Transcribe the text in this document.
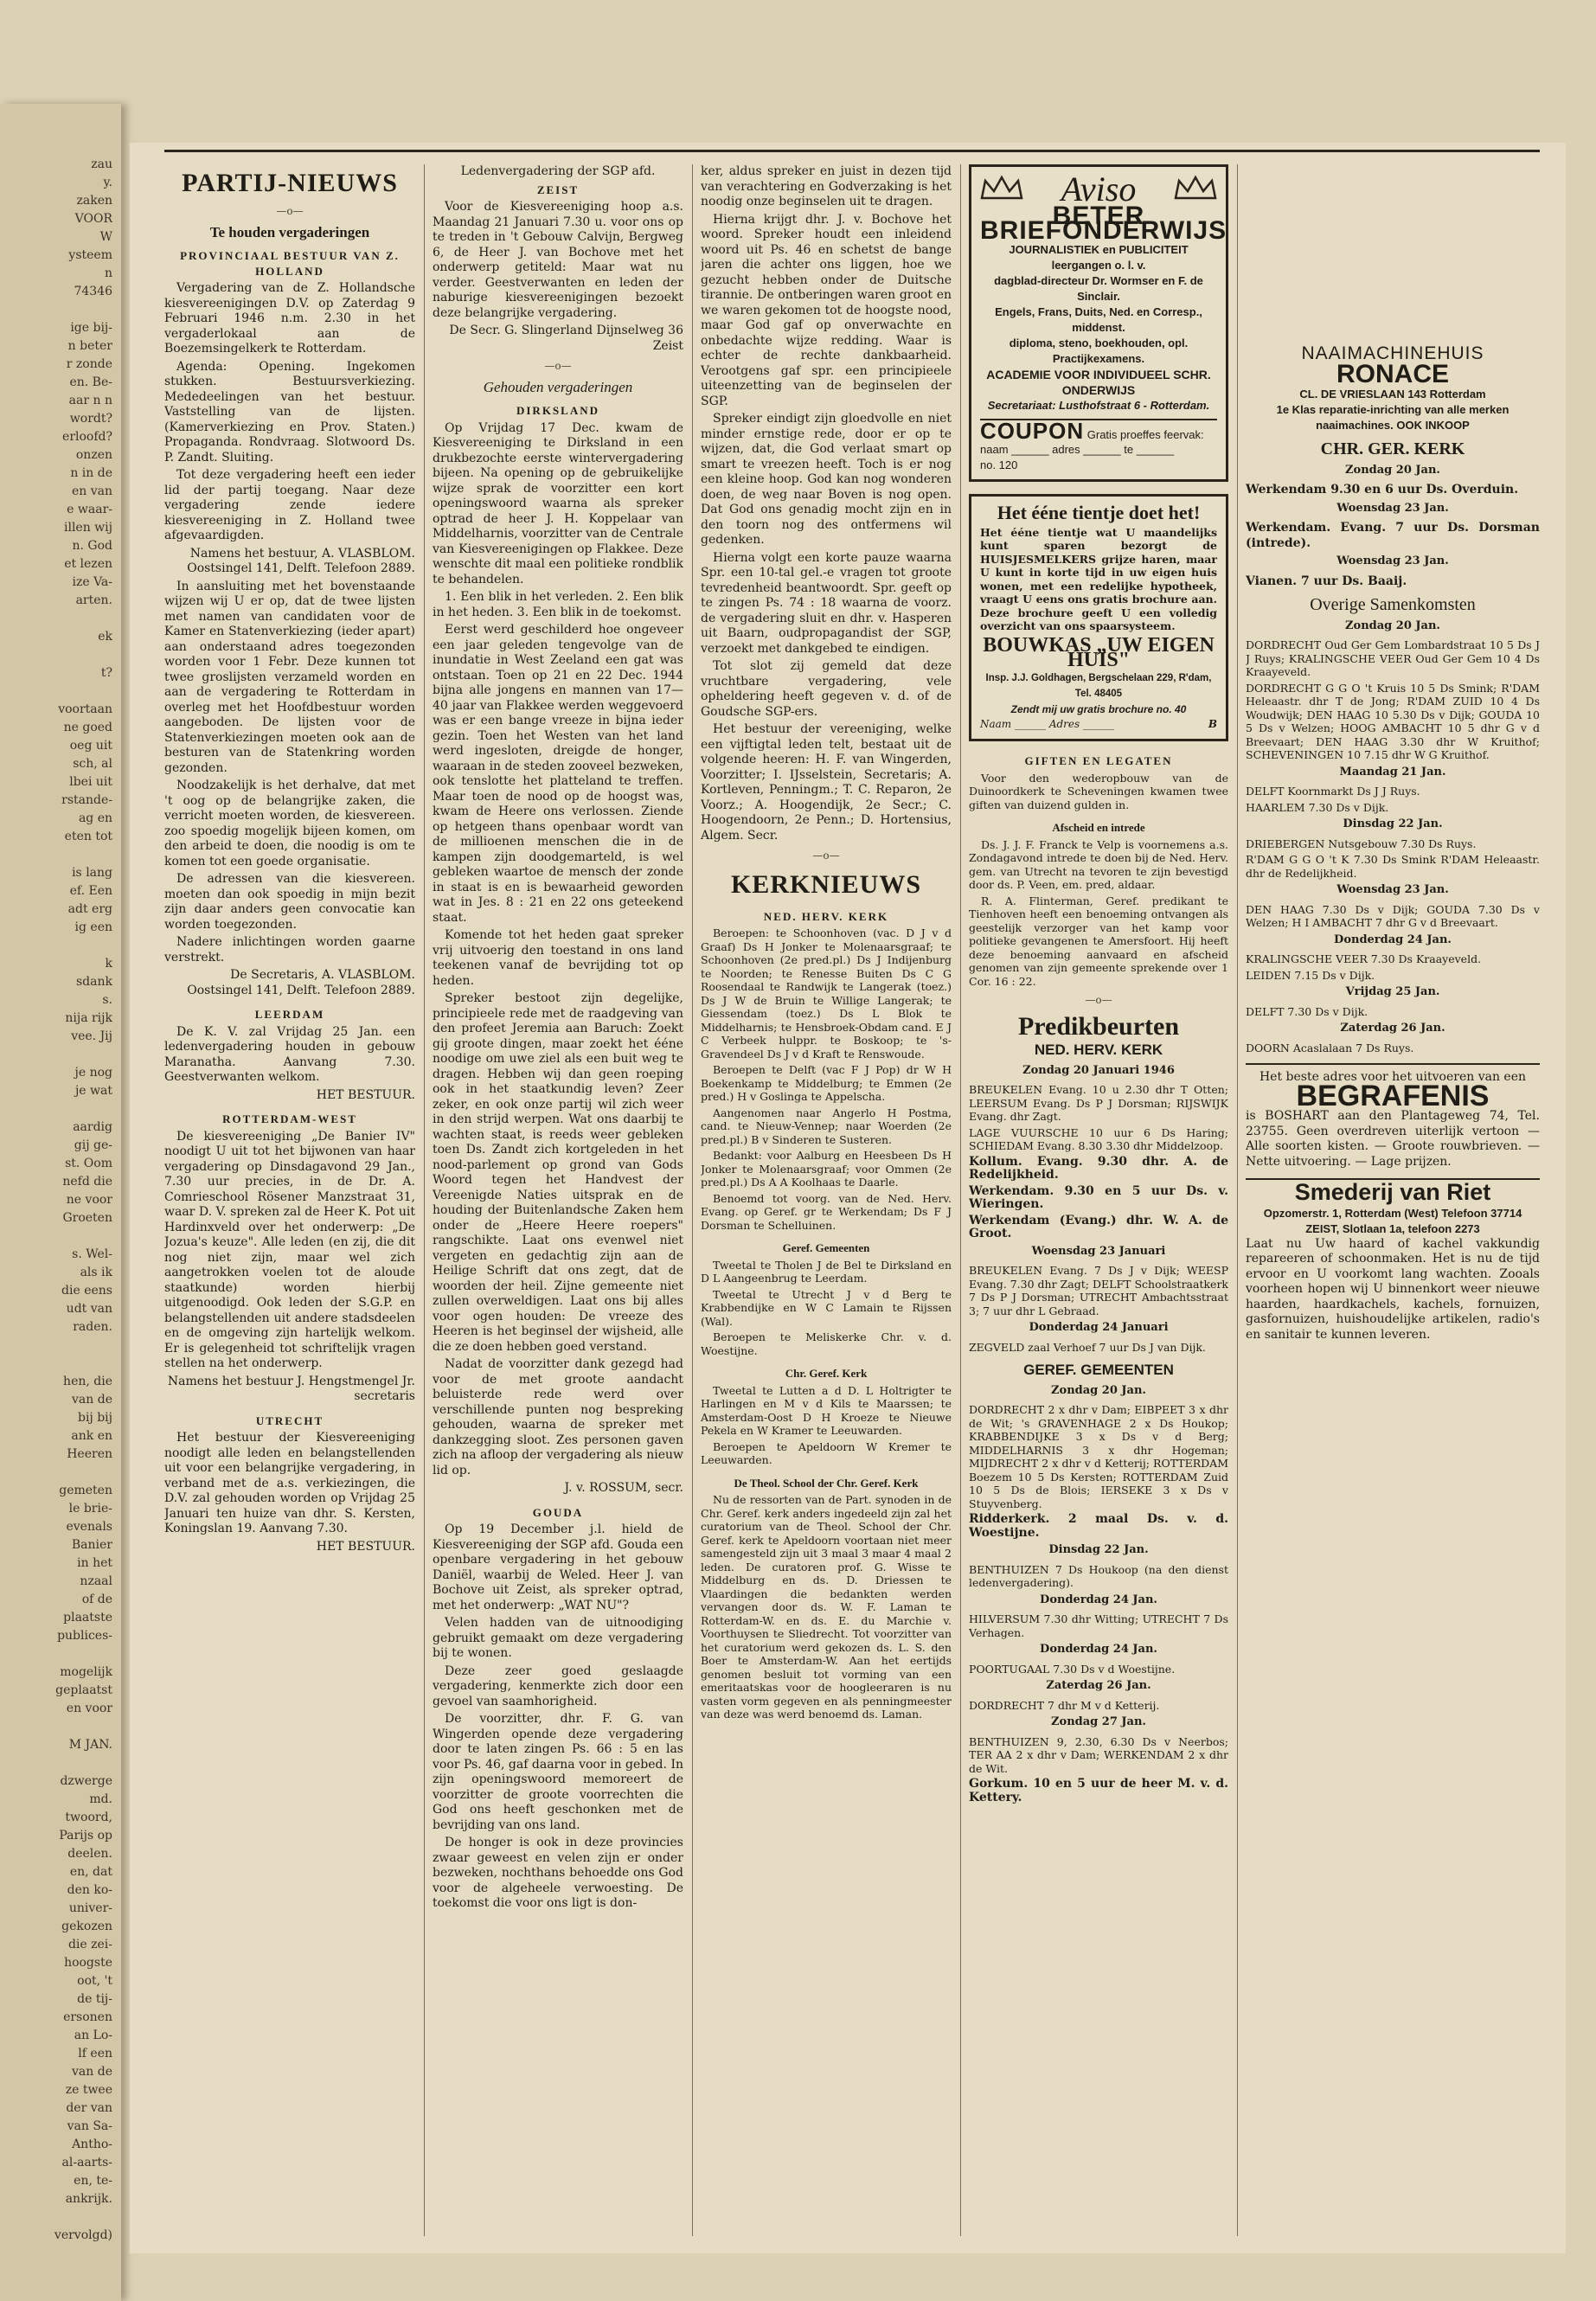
zau
y.
zaken
VOOR
W
ysteem
n
74346

ige bij-
n beter
r zonde
en. Be-
aar n n
wordt?
erloofd?
onzen
n in de
en van
e waar-
illen wij
n. God
et lezen
ize Va-
arten.

ek

t?

voortaan
ne goed
oeg uit
sch, al
lbei uit
rstande-
ag en
eten tot

is lang
ef. Een
adt erg
ig een

k
sdank
s.
nija rijk
vee. Jij

je nog
je wat

aardig
gij ge-
st. Oom
nefd die
ne voor
Groeten

s. Wel-
als ik
die eens
udt van
raden.

hen, die
van de
bij bij
ank en
Heeren

gemeten
le brie-
evenals
Banier
in het
nzaal
of de
plaatste
publices-

mogelijk
geplaatst
en voor

M JAN.

dzwerge
md.
twoord,
Parijs op
deelen.
en, dat
den ko-
univer-
gekozen
die zei-
hoogste
oot, 't
de tij-
ersonen
an Lo-
lf een
van de
ze twee
der van
van Sa-
Antho-
al-aarts-
en, te-
ankrijk.

vervolgd)
PARTIJ-NIEUWS
—o—
Te houden vergaderingen
PROVINCIAAL BESTUUR VAN Z. HOLLAND

Vergadering van de Z. Hollandsche kiesvereenigingen D.V. op Zaterdag 9 Februari 1946 n.m. 2.30 in het vergaderlokaal aan de Boezemsingelkerk te Rotterdam.

Agenda: Opening. Ingekomen stukken. Bestuursverkiezing. Mededeelingen van het bestuur. Vaststelling van de lijsten. (Kamerverkiezing en Prov. Staten.) Propaganda. Rondvraag. Slotwoord Ds. P. Zandt. Sluiting.

Tot deze vergadering heeft een ieder lid der partij toegang. Naar deze vergadering zende iedere kiesvereeniging in Z. Holland twee afgevaardigden.

Namens het bestuur, A. VLASBLOM. Oostsingel 141, Delft. Telefoon 2889.

In aansluiting met het bovenstaande wijzen wij U er op, dat de twee lijsten met namen van candidaten voor de Kamer en Statenverkiezing (ieder apart) aan onderstaand adres toegezonden worden voor 1 Febr. Deze kunnen tot twee groslijsten verzameld worden en aan de vergadering te Rotterdam in overleg met het Hoofdbestuur worden aangeboden. De lijsten voor de Statenverkiezingen moeten ook aan de besturen van de Statenkring worden gezonden.

Noodzakelijk is het derhalve, dat met 't oog op de belangrijke zaken, die verricht moeten worden, de kiesvereen. zoo spoedig mogelijk bijeen komen, om den arbeid te doen, die noodig is om te komen tot een goede organisatie.

De adressen van die kiesvereen. moeten dan ook spoedig in mijn bezit zijn daar anders geen convocatie kan worden toegezonden.

Nadere inlichtingen worden gaarne verstrekt.

De Secretaris, A. VLASBLOM. Oostsingel 141, Delft. Telefoon 2889.

LEERDAM

De K. V. zal Vrijdag 25 Jan. een ledenvergadering houden in gebouw Maranatha. Aanvang 7.30. Geestverwanten welkom.

HET BESTUUR.

ROTTERDAM-WEST

De kiesvereeniging „De Banier IV" noodigt U uit tot het bijwonen van haar vergadering op Dinsdagavond 29 Jan., 7.30 uur precies, in de Dr. A. Comrieschool Rösener Manzstraat 31, waar D. V. spreken zal de Heer K. Pot uit Hardinxveld over het onderwerp: „De Jozua's keuze". Alle leden (en zij, die dit nog niet zijn, maar wel zich aangetrokken voelen tot de aloude staatkunde) worden hierbij uitgenoodigd. Ook leden der S.G.P. en belangstellenden uit andere stadsdeelen en de omgeving zijn hartelijk welkom. Er is gelegenheid tot schriftelijk vragen stellen na het onderwerp.

Namens het bestuur J. Hengstmengel Jr. secretaris

UTRECHT

Het bestuur der Kiesvereeniging noodigt alle leden en belangstellenden uit voor een belangrijke vergadering, in verband met de a.s. verkiezingen, die D.V. zal gehouden worden op Vrijdag 25 Januari ten huize van dhr. S. Kersten, Koningslan 19. Aanvang 7.30.

HET BESTUUR.

Ledenvergadering der SGP afd.

ZEIST

Voor de Kiesvereeniging hoop a.s. Maandag 21 Januari 7.30 u. voor ons op te treden in 't Gebouw Calvijn, Bergweg 6, de Heer J. van Bochove met het onderwerp getiteld: Maar wat nu verder. Geestverwanten en leden der naburige kiesvereenigingen bezoekt deze belangrijke vergadering.

De Secr. G. Slingerland Dijnselweg 36 Zeist

—o—
Gehouden vergaderingen
DIRKSLAND

Op Vrijdag 17 Dec. kwam de Kiesvereeniging te Dirksland in een drukbezochte eerste wintervergadering bijeen. Na opening op de gebruikelijke wijze sprak de voorzitter een kort openingswoord waarna als spreker optrad de heer J. H. Koppelaar van Middelharnis, voorzitter van de Centrale van Kiesvereenigingen op Flakkee. Deze wenschte dit maal een politieke rondblik te behandelen.

1. Een blik in het verleden. 2. Een blik in het heden. 3. Een blik in de toekomst.

Eerst werd geschilderd hoe ongeveer een jaar geleden tengevolge van de inundatie in West Zeeland een gat was ontstaan. Toen op 21 en 22 Dec. 1944 bijna alle jongens en mannen van 17—40 jaar van Flakkee werden weggevoerd was er een bange vreeze in bijna ieder gezin. Toen het Westen van het land werd ingesloten, dreigde de honger, waaraan in de steden zooveel bezweken, ook tenslotte het platteland te treffen. Maar toen de nood op de hoogst was, kwam de Heere ons verlossen. Ziende op hetgeen thans openbaar wordt van de millioenen menschen die in de kampen zijn doodgemarteld, is wel gebleken waartoe de mensch der zonde in staat is en is bewaarheid geworden wat in Jes. 8 : 21 en 22 ons geteekend staat.

Komende tot het heden gaat spreker vrij uitvoerig den toestand in ons land teekenen vanaf de bevrijding tot op heden.

Spreker bestoot zijn degelijke, principieele rede met de raadgeving van den profeet Jeremia aan Baruch: Zoekt gij groote dingen, maar zoekt het ééne noodige om uwe ziel als een buit weg te dragen. Hebben wij dan geen roeping ook in het staatkundig leven? Zeer zeker, en ook onze partij wil zich weer in den strijd werpen. Wat ons daarbij te wachten staat, is reeds weer gebleken toen Ds. Zandt zich kortgeleden in het nood-parlement op grond van Gods Woord tegen het Handvest der Vereenigde Naties uitsprak en de houding der Buitenlandsche Zaken hem onder de „Heere Heere roepers" rangschikte. Laat ons evenwel niet vergeten en gedachtig zijn aan de Heilige Schrift dat ons zegt, dat de woorden der heil. Zijne gemeente niet zullen overweldigen. Laat ons bij alles voor ogen houden: De vreeze des Heeren is het beginsel der wijsheid, alle die ze doen hebben goed verstand.

Nadat de voorzitter dank gezegd had voor de met groote aandacht beluisterde rede werd over verschillende punten nog bespreking gehouden, waarna de spreker met dankzegging sloot. Zes personen gaven zich na afloop der vergadering als nieuw lid op.

J. v. ROSSUM, secr.

GOUDA

Op 19 December j.l. hield de Kiesvereeniging der SGP afd. Gouda een openbare vergadering in het gebouw Daniël, waarbij de Weled. Heer J. van Bochove uit Zeist, als spreker optrad, met het onderwerp: „WAT NU"?

Velen hadden van de uitnoodiging gebruikt gemaakt om deze vergadering bij te wonen.

Deze zeer goed geslaagde vergadering, kenmerkte zich door een gevoel van saamhorigheid.

De voorzitter, dhr. F. G. van Wingerden opende deze vergadering door te laten zingen Ps. 66 : 5 en las voor Ps. 46, gaf daarna voor in gebed. In zijn openingswoord memoreert de voorzitter de groote voorrechten die God ons heeft geschonken met de bevrijding van ons land.

De honger is ook in deze provincies zwaar geweest en velen zijn er onder bezweken, nochthans behoedde ons God voor de algeheele verwoesting. De toekomst die voor ons ligt is don-

ker, aldus spreker en juist in dezen tijd van verachtering en Godverzaking is het noodig onze beginselen uit te dragen.

Hierna krijgt dhr. J. v. Bochove het woord. Spreker houdt een inleidend woord uit Ps. 46 en schetst de bange jaren die achter ons liggen, hoe we gezucht hebben onder de Duitsche tirannie. De ontberingen waren groot en we waren gekomen tot de hoogste nood, maar God gaf op onverwachte en onbedachte wijze redding. Waar is echter de rechte dankbaarheid. Verootgens gaf spr. een principieele uiteenzetting van de beginselen der SGP.

Spreker eindigt zijn gloedvolle en niet minder ernstige rede, door er op te wijzen, dat, die God verlaat smart op smart te vreezen heeft. Toch is er nog een kleine hoop. God kan nog wonderen doen, de weg naar Boven is nog open. Dat God ons genadig mocht zijn en in den toorn nog des ontfermens wil gedenken.

Hierna volgt een korte pauze waarna Spr. een 10-tal gel.-e vragen tot groote tevredenheid beantwoordt. Spr. geeft op te zingen Ps. 74 : 18 waarna de voorz. de vergadering sluit en dhr. v. Hasperen uit Baarn, oudpropagandist der SGP, verzoekt met dankgebed te eindigen.

Tot slot zij gemeld dat deze vruchtbare vergadering, vele opheldering heeft gegeven v. d. of de Goudsche SGP-ers.

Het bestuur der vereeniging, welke een vijftigtal leden telt, bestaat uit de volgende heeren: H. F. van Wingerden, Voorzitter; I. IJsselstein, Secretaris; A. Kortleven, Penningm.; T. C. Reparon, 2e Voorz.; A. Hoogendijk, 2e Secr.; C. Hoogendoorn, 2e Penn.; D. Hortensius, Algem. Secr.

—o—
KERKNIEUWS
NED. HERV. KERK

Beroepen: te Schoonhoven (vac. D J v d Graaf) Ds H Jonker te Molenaarsgraaf; te Schoonhoven (2e pred.pl.) Ds J Indijenburg te Noorden; te Renesse Buiten Ds C G Roosendaal te Randwijk te Langerak (toez.) Ds J W de Bruin te Willige Langerak; te Giessendam (toez.) Ds L Blok te Middelharnis; te Hensbroek-Obdam cand. E J C Verbeek hulppr. te Boskoop; te 's-Gravendeel Ds J v d Kraft te Renswoude.

Beroepen te Delft (vac F J Pop) dr W H Boekenkamp te Middelburg; te Emmen (2e pred.) H v Goslinga te Appelscha.

Aangenomen naar Angerlo H Postma, cand. te Nieuw-Vennep; naar Woerden (2e pred.pl.) B v Sinderen te Susteren.

Bedankt: voor Aalburg en Heesbeen Ds H Jonker te Molenaarsgraaf; voor Ommen (2e pred.pl.) Ds A A Koolhaas te Daarle.

Benoemd tot voorg. van de Ned. Herv. Evang. op Geref. gr te Werkendam; Ds F J Dorsman te Schelluinen.

Geref. Gemeenten

Tweetal te Tholen J de Bel te Dirksland en D L Aangeenbrug te Leerdam.

Tweetal te Utrecht J v d Berg te Krabbendijke en W C Lamain te Rijssen (Wal).

Beroepen te Meliskerke Chr. v. d. Woestijne.

Chr. Geref. Kerk

Tweetal te Lutten a d D. L Holtrigter te Harlingen en M v d Kils te Maarssen; te Amsterdam-Oost D H Kroeze te Nieuwe Pekela en W Kramer te Leeuwarden.

Beroepen te Apeldoorn W Kremer te Leeuwarden.

De Theol. School der Chr. Geref. Kerk

Nu de ressorten van de Part. synoden in de Chr. Geref. kerk anders ingedeeld zijn zal het curatorium van de Theol. School der Chr. Geref. kerk te Apeldoorn voortaan niet meer samengesteld zijn uit 3 maal 3 maar 4 maal 2 leden. De curatoren prof. G. Wisse te Middelburg en ds. D. Driessen te Vlaardingen die bedankten werden vervangen door ds. W. F. Laman te Rotterdam-W. en ds. E. du Marchie v. Voorthuysen te Sliedrecht. Tot voorzitter van het curatorium werd gekozen ds. L. S. den Boer te Amsterdam-W. Aan het eertijds genomen besluit tot vorming van een emeritaatskas voor de hoogleeraren is nu vasten vorm gegeven en als penningmeester van deze was werd benoemd ds. Laman.

Aviso

BETER BRIEFONDERWIJS
JOURNALISTIEK en PUBLICITEIT leergangen o. l. v.
dagblad-directeur Dr. Wormser en F. de Sinclair.
Engels, Frans, Duits, Ned. en Corresp., middenst.
diploma, steno, boekhouden, opl. Practijkexamens.
ACADEMIE VOOR INDIVIDUEEL SCHR. ONDERWIJS
Secretariaat: Lusthofstraat 6 - Rotterdam.
COUPON Gratis proeffes feervak:
naam ______ adres ______ te ______
no. 120
Het ééne tientje doet het!

Het ééne tientje wat U maandelijks kunt sparen bezorgt de HUISJESMELKERS grijze haren, maar U kunt in korte tijd in uw eigen huis wonen, met een redelijke hypotheek, vraagt U eens ons gratis brochure aan. Deze brochure geeft U een volledig overzicht van ons spaarsysteem.

BOUWKAS „UW EIGEN HUIS"
Insp. J.J. Goldhagen, Bergschelaan 229, R'dam, Tel. 48405
Zendt mij uw gratis brochure no. 40
Naam ______ Adres ______	B
GIFTEN EN LEGATEN

Voor den wederopbouw van de Duinoordkerk te Scheveningen kwamen twee giften van duizend gulden in.

Afscheid en intrede

Ds. J. J. F. Franck te Velp is voornemens a.s. Zondagavond intrede te doen bij de Ned. Herv. gem. van Utrecht na tevoren te zijn bevestigd door ds. P. Veen, em. pred, aldaar.

R. A. Flinterman, Geref. predikant te Tienhoven heeft een benoeming ontvangen als geestelijk verzorger van het kamp voor politieke gevangenen te Amersfoort. Hij heeft deze benoeming aanvaard en afscheid genomen van zijn gemeente sprekende over 1 Cor. 16 : 22.

—o—
Predikbeurten
NED. HERV. KERK
Zondag 20 Januari 1946

BREUKELEN Evang. 10 u 2.30 dhr T Otten; LEERSUM Evang. Ds P J Dorsman; RIJSWIJK Evang. dhr Zagt.

LAGE VUURSCHE 10 uur 6 Ds Haring; SCHIEDAM Evang. 8.30 3.30 dhr Middelzoop.

Kollum. Evang. 9.30 dhr. A. de Redelijkheid.

Werkendam. 9.30 en 5 uur Ds. v. Wieringen.

Werkendam (Evang.) dhr. W. A. de Groot.

Woensdag 23 Januari

BREUKELEN Evang. 7 Ds J v Dijk; WEESP Evang. 7.30 dhr Zagt; DELFT Schoolstraatkerk 7 Ds P J Dorsman; UTRECHT Ambachtsstraat 3; 7 uur dhr L Gebraad.

Donderdag 24 Januari

ZEGVELD zaal Verhoef 7 uur Ds J van Dijk.

GEREF. GEMEENTEN
Zondag 20 Jan.

DORDRECHT 2 x dhr v Dam; EIBPEET 3 x dhr de Wit; 's GRAVENHAGE 2 x Ds Houkop; KRABBENDIJKE 3 x Ds v d Berg; MIDDELHARNIS 3 x dhr Hogeman; MIJDRECHT 2 x dhr v d Ketterij; ROTTERDAM Boezem 10 5 Ds Kersten; ROTTERDAM Zuid 10 5 Ds de Blois; IERSEKE 3 x Ds v Stuyvenberg.

Ridderkerk. 2 maal Ds. v. d. Woestijne.

Dinsdag 22 Jan.

BENTHUIZEN 7 Ds Houkoop (na den dienst ledenvergadering).

Donderdag 24 Jan.

HILVERSUM 7.30 dhr Witting; UTRECHT 7 Ds Verhagen.

Donderdag 24 Jan.

POORTUGAAL 7.30 Ds v d Woestijne.

Zaterdag 26 Jan.

DORDRECHT 7 dhr M v d Ketterij.

Zondag 27 Jan.

BENTHUIZEN 9, 2.30, 6.30 Ds v Neerbos; TER AA 2 x dhr v Dam; WERKENDAM 2 x dhr de Wit.

Gorkum. 10 en 5 uur de heer M. v. d. Kettery.

NAAIMACHINEHUIS
RONACE
CL. DE VRIESLAAN 143 Rotterdam
1e Klas reparatie-inrichting van alle merken naaimachines. OOK INKOOP
CHR. GER. KERK
Zondag 20 Jan.

Werkendam 9.30 en 6 uur Ds. Overduin.

Woensdag 23 Jan.

Werkendam. Evang. 7 uur Ds. Dorsman (intrede).

Woensdag 23 Jan.

Vianen. 7 uur Ds. Baaij.

Overige Samenkomsten
Zondag 20 Jan.

DORDRECHT Oud Ger Gem Lombardstraat 10 5 Ds J J Ruys; KRALINGSCHE VEER Oud Ger Gem 10 4 Ds Kraayeveld.

DORDRECHT G G O 't Kruis 10 5 Ds Smink; R'DAM Heleaastr. dhr T de Jong; R'DAM ZUID 10 4 Ds Woudwijk; DEN HAAG 10 5.30 Ds v Dijk; GOUDA 10 5 Ds v Welzen; HOOG AMBACHT 10 5 dhr G v d Breevaart; DEN HAAG 3.30 dhr W Kruithof; SCHEVENINGEN 10 7.15 dhr W G Kruithof.

Maandag 21 Jan.

DELFT Koornmarkt Ds J J Ruys.

HAARLEM 7.30 Ds v Dijk.

Dinsdag 22 Jan.

DRIEBERGEN Nutsgebouw 7.30 Ds Ruys.

R'DAM G G O 't K 7.30 Ds Smink R'DAM Heleaastr. dhr de Redelijkheid.

Woensdag 23 Jan.

DEN HAAG 7.30 Ds v Dijk; GOUDA 7.30 Ds v Welzen; H I AMBACHT 7 dhr G v d Breevaart.

Donderdag 24 Jan.

KRALINGSCHE VEER 7.30 Ds Kraayeveld.

LEIDEN 7.15 Ds v Dijk.

Vrijdag 25 Jan.

DELFT 7.30 Ds v Dijk.

Zaterdag 26 Jan.

DOORN Acaslalaan 7 Ds Ruys.

Het beste adres voor het uitvoeren van een

BEGRAFENIS

is BOSHART aan den Plantageweg 74, Tel. 23755. Geen overdreven uiterlijk vertoon — Alle soorten kisten. — Groote rouwbrieven. — Nette uitvoering. — Lage prijzen.

Smederij van Riet
Opzomerstr. 1, Rotterdam (West) Telefoon 37714
ZEIST, Slotlaan 1a, telefoon 2273

Laat nu Uw haard of kachel vakkundig repareeren of schoonmaken. Het is nu de tijd ervoor en U voorkomt lang wachten. Zooals voorheen hopen wij U binnenkort weer nieuwe haarden, haardkachels, kachels, fornuizen, gasfornuizen, huishoudelijke artikelen, radio's en sanitair te kunnen leveren.
